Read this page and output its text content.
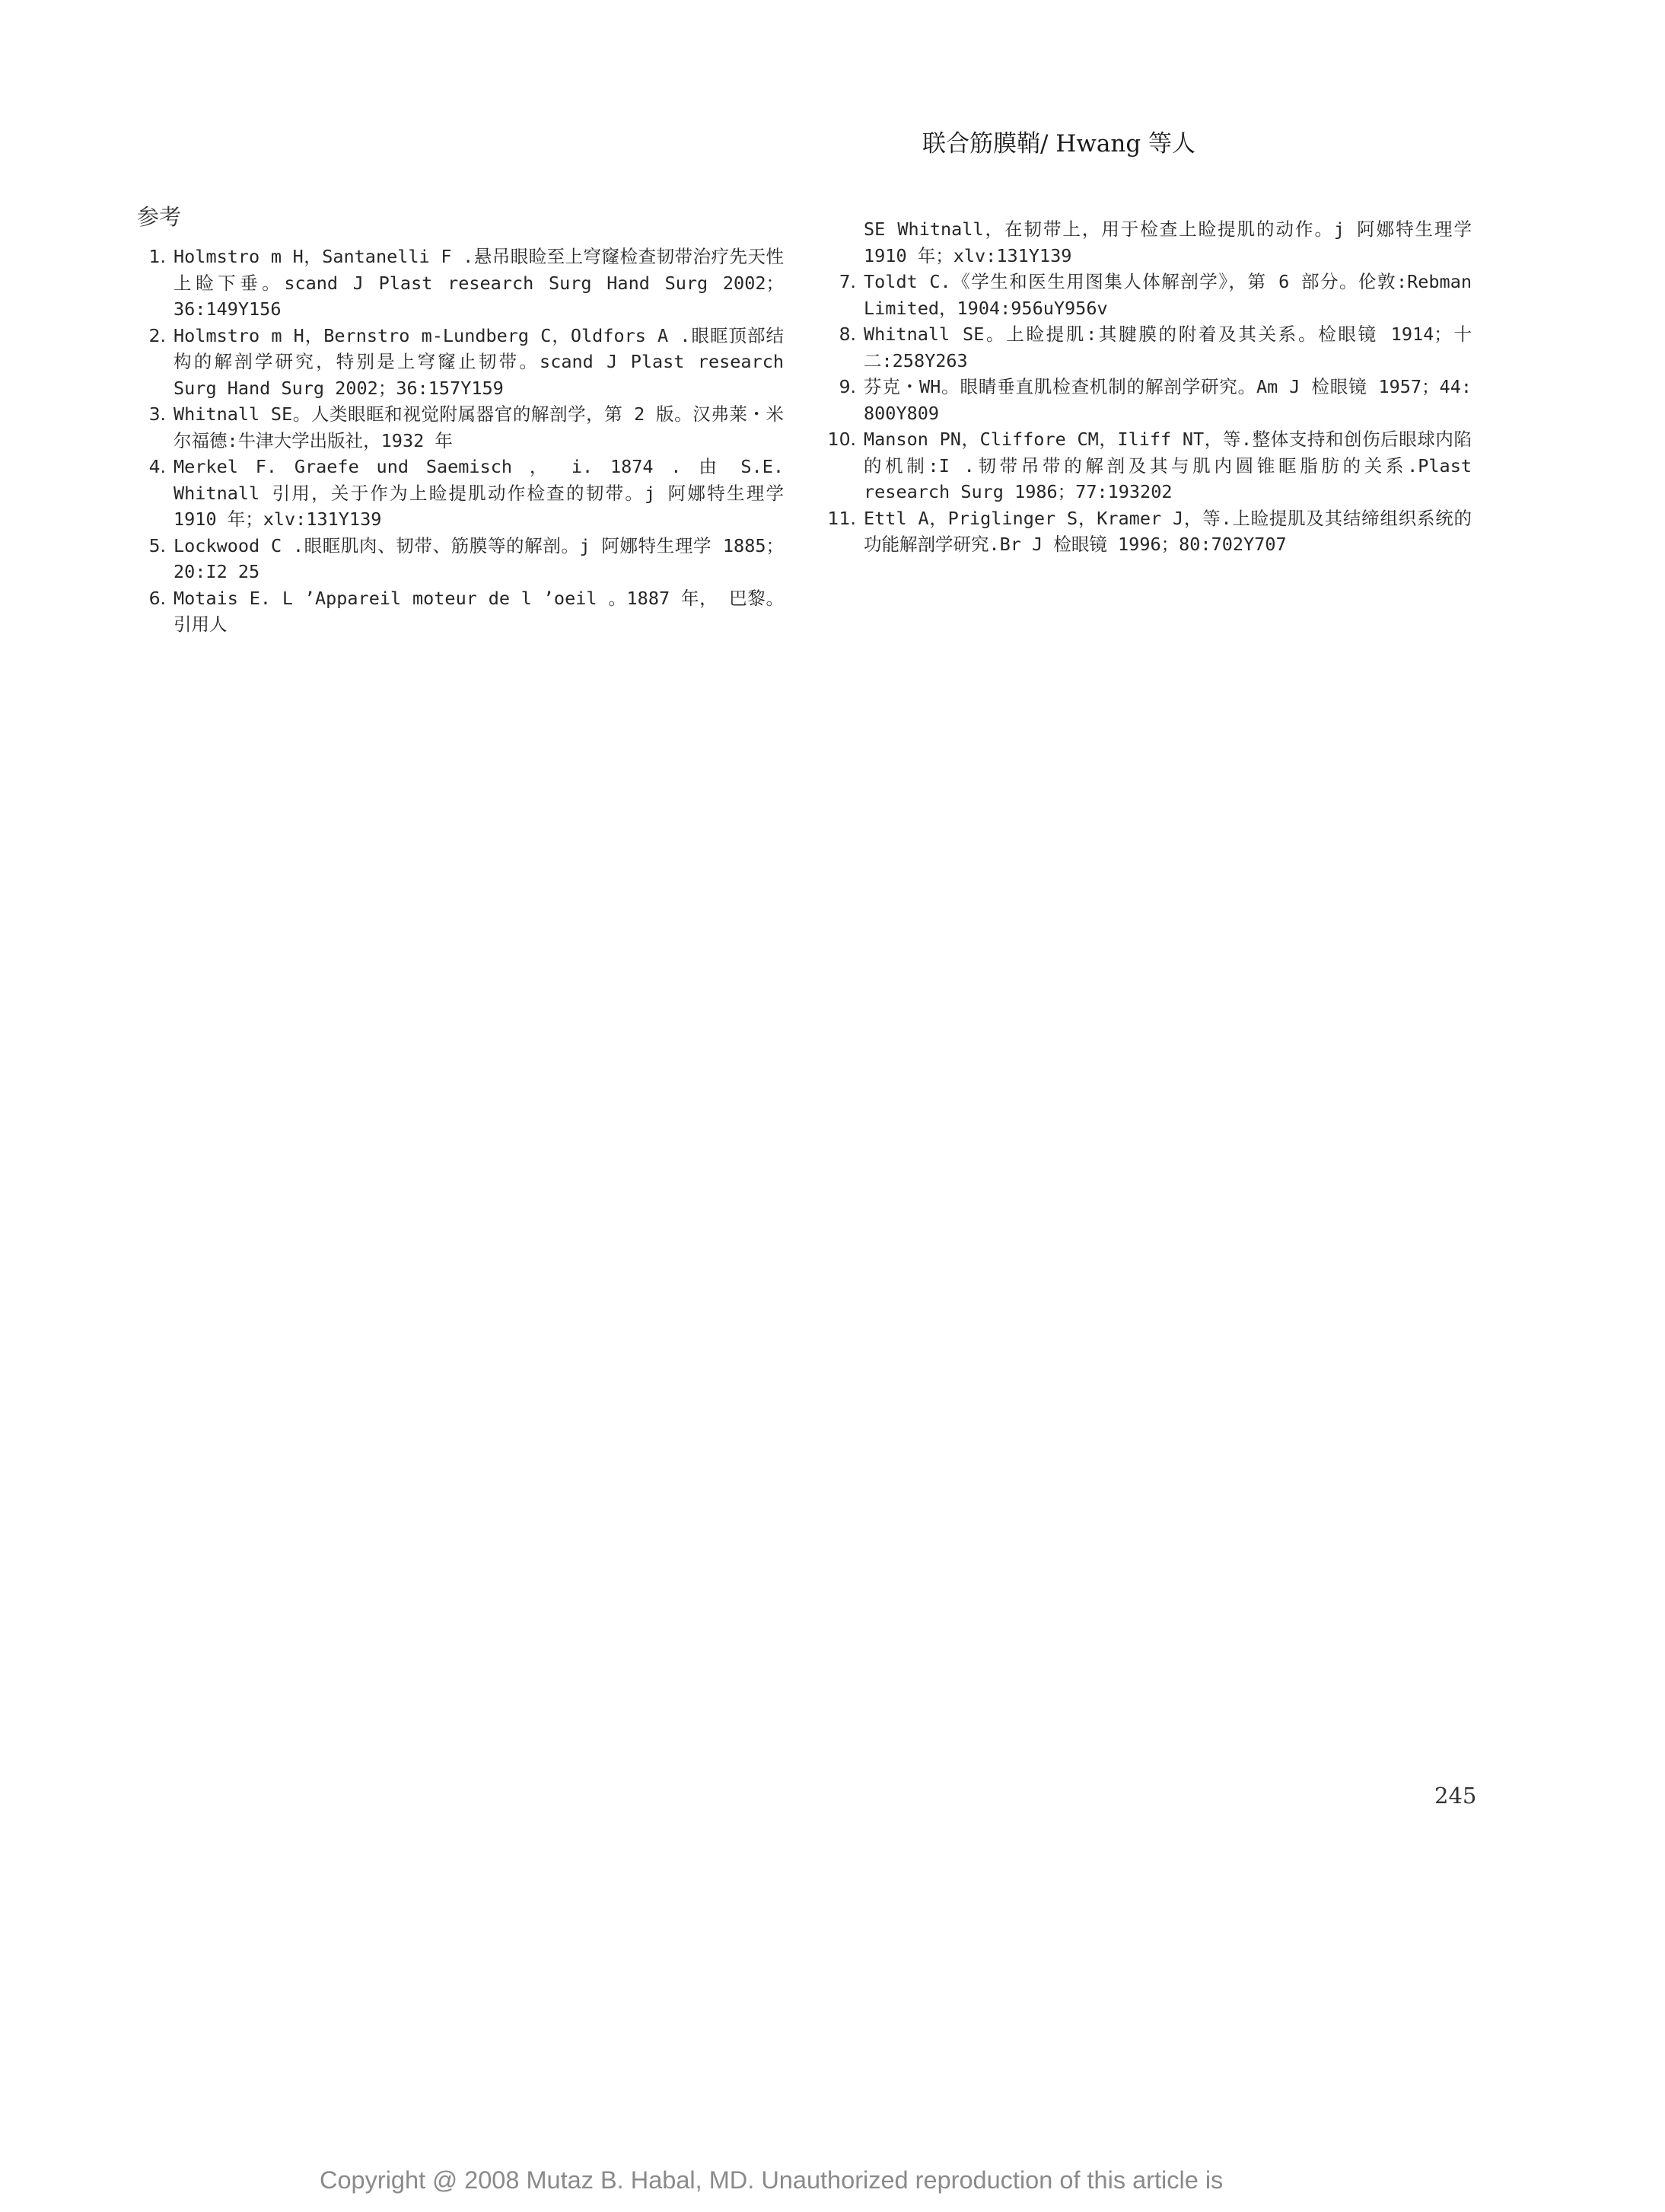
联合筋膜鞘/ Hwang 等人
参考
1. Holmstro m H，Santanelli F .悬吊眼睑至上穹窿检查韧带治疗先天性上睑下垂。scand J Plast research Surg Hand Surg 2002；36:149Y156
2. Holmstro m H，Bernstro m-Lundberg C，Oldfors A .眼眶顶部结构的解剖学研究，特别是上穹窿止韧带。scand J Plast research Surg Hand Surg 2002；36:157Y159
3. Whitnall SE。人类眼眶和视觉附属器官的解剖学，第 2 版。汉弗莱・米尔福德:牛津大学出版社，1932 年
4. Merkel F. Graefe und Saemisch ， i. 1874 . 由 S.E. Whitnall 引用，关于作为上睑提肌动作检查的韧带。j 阿娜特生理学 1910 年；xlv:131Y139
5. Lockwood C .眼眶肌肉、韧带、筋膜等的解剖。j 阿娜特生理学 1885；20:I2 25
6. Motais E. L ’Appareil moteur de l ’oeil 。1887 年， 巴黎。引用人
SE Whitnall，在韧带上，用于检查上睑提肌的动作。j 阿娜特生理学 1910 年；xlv:131Y139
7. Toldt C.《学生和医生用图集人体解剖学》，第 6 部分。伦敦:Rebman Limited，1904:956uY956v
8. Whitnall SE。上睑提肌:其腱膜的附着及其关系。检眼镜 1914；十二:258Y263
9. 芬克・WH。眼睛垂直肌检查机制的解剖学研究。Am J 检眼镜 1957；44: 800Y809
10. Manson PN，Cliffore CM，Iliff NT，等.整体支持和创伤后眼球内陷的机制:I .韧带吊带的解剖及其与肌内圆锥眶脂肪的关系.Plast research Surg 1986；77:193202
11. Ettl A，Priglinger S，Kramer J，等.上睑提肌及其结缔组织系统的功能解剖学研究.Br J 检眼镜 1996；80:702Y707
245
Copyright @ 2008 Mutaz B. Habal, MD. Unauthorized reproduction of this article is
